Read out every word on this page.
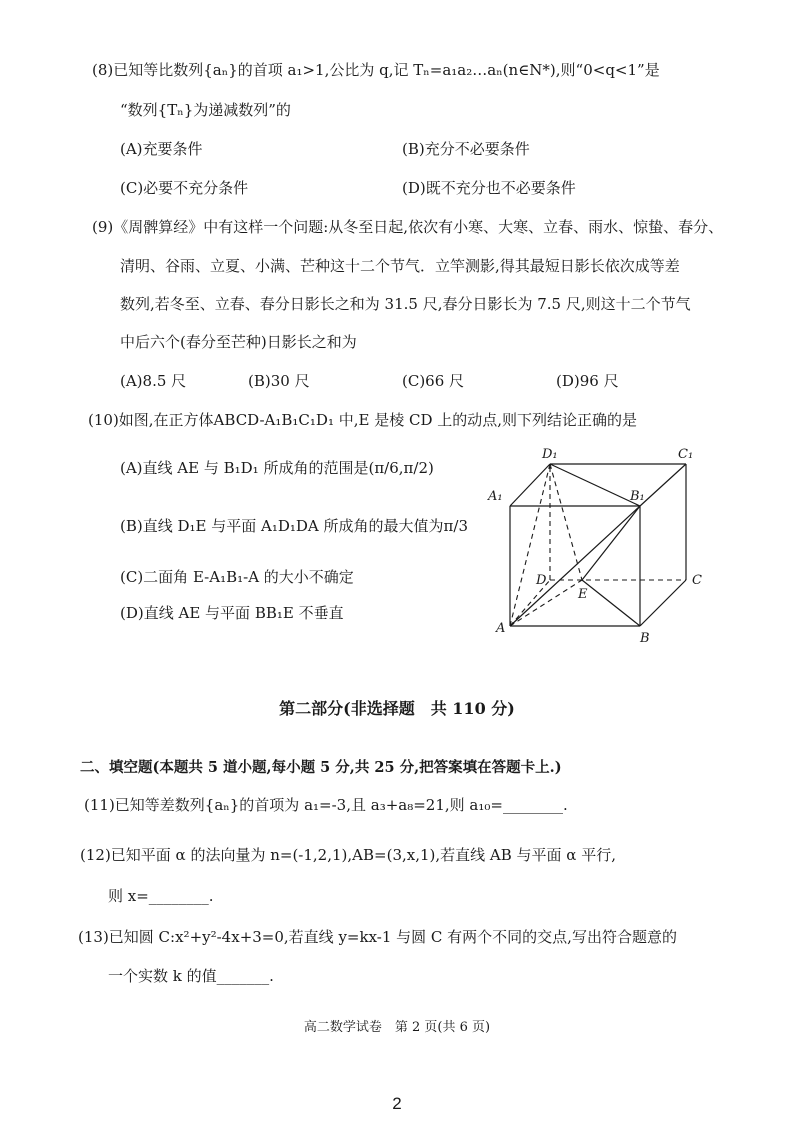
(8)已知等比数列{aₙ}的首项 a₁>1,公比为 q,记 Tₙ=a₁a₂…aₙ(n∈N*),则“0<q<1”是
“数列{Tₙ}为递减数列”的
(A)充要条件	(B)充分不必要条件
(C)必要不充分条件	(D)既不充分也不必要条件
(9)《周髀算经》中有这样一个问题:从冬至日起,依次有小寒、大寒、立春、雨水、惊蛰、春分、
清明、谷雨、立夏、小满、芒种这十二个节气．立竿测影,得其最短日影长依次成等差
数列,若冬至、立春、春分日影长之和为 31.5 尺,春分日影长为 7.5 尺,则这十二个节气
中后六个(春分至芒种)日影长之和为
(A)8.5 尺	(B)30 尺	(C)66 尺	(D)96 尺
(10)如图,在正方体ABCD-A₁B₁C₁D₁ 中,E 是棱 CD 上的动点,则下列结论正确的是
(A)直线 AE 与 B₁D₁ 所成角的范围是(π/6,π/2)
(B)直线 D₁E 与平面 A₁D₁DA 所成角的最大值为π/3
(C)二面角 E-A₁B₁-A 的大小不确定
(D)直线 AE 与平面 BB₁E 不垂直
D₁	C₁
A₁	B₁
D
E
C
A
B
第二部分(非选择题　共 110 分)
二、填空题(本题共 5 道小题,每小题 5 分,共 25 分,把答案填在答题卡上.)
(11)已知等差数列{aₙ}的首项为 a₁=-3,且 a₃+a₈=21,则 a₁₀=________.
(12)已知平面 α 的法向量为 n=(-1,2,1),AB=(3,x,1),若直线 AB 与平面 α 平行,
则 x=________.
(13)已知圆 C:x²+y²-4x+3=0,若直线 y=kx-1 与圆 C 有两个不同的交点,写出符合题意的
一个实数 k 的值_______.
高二数学试卷　第 2 页(共 6 页)
2
